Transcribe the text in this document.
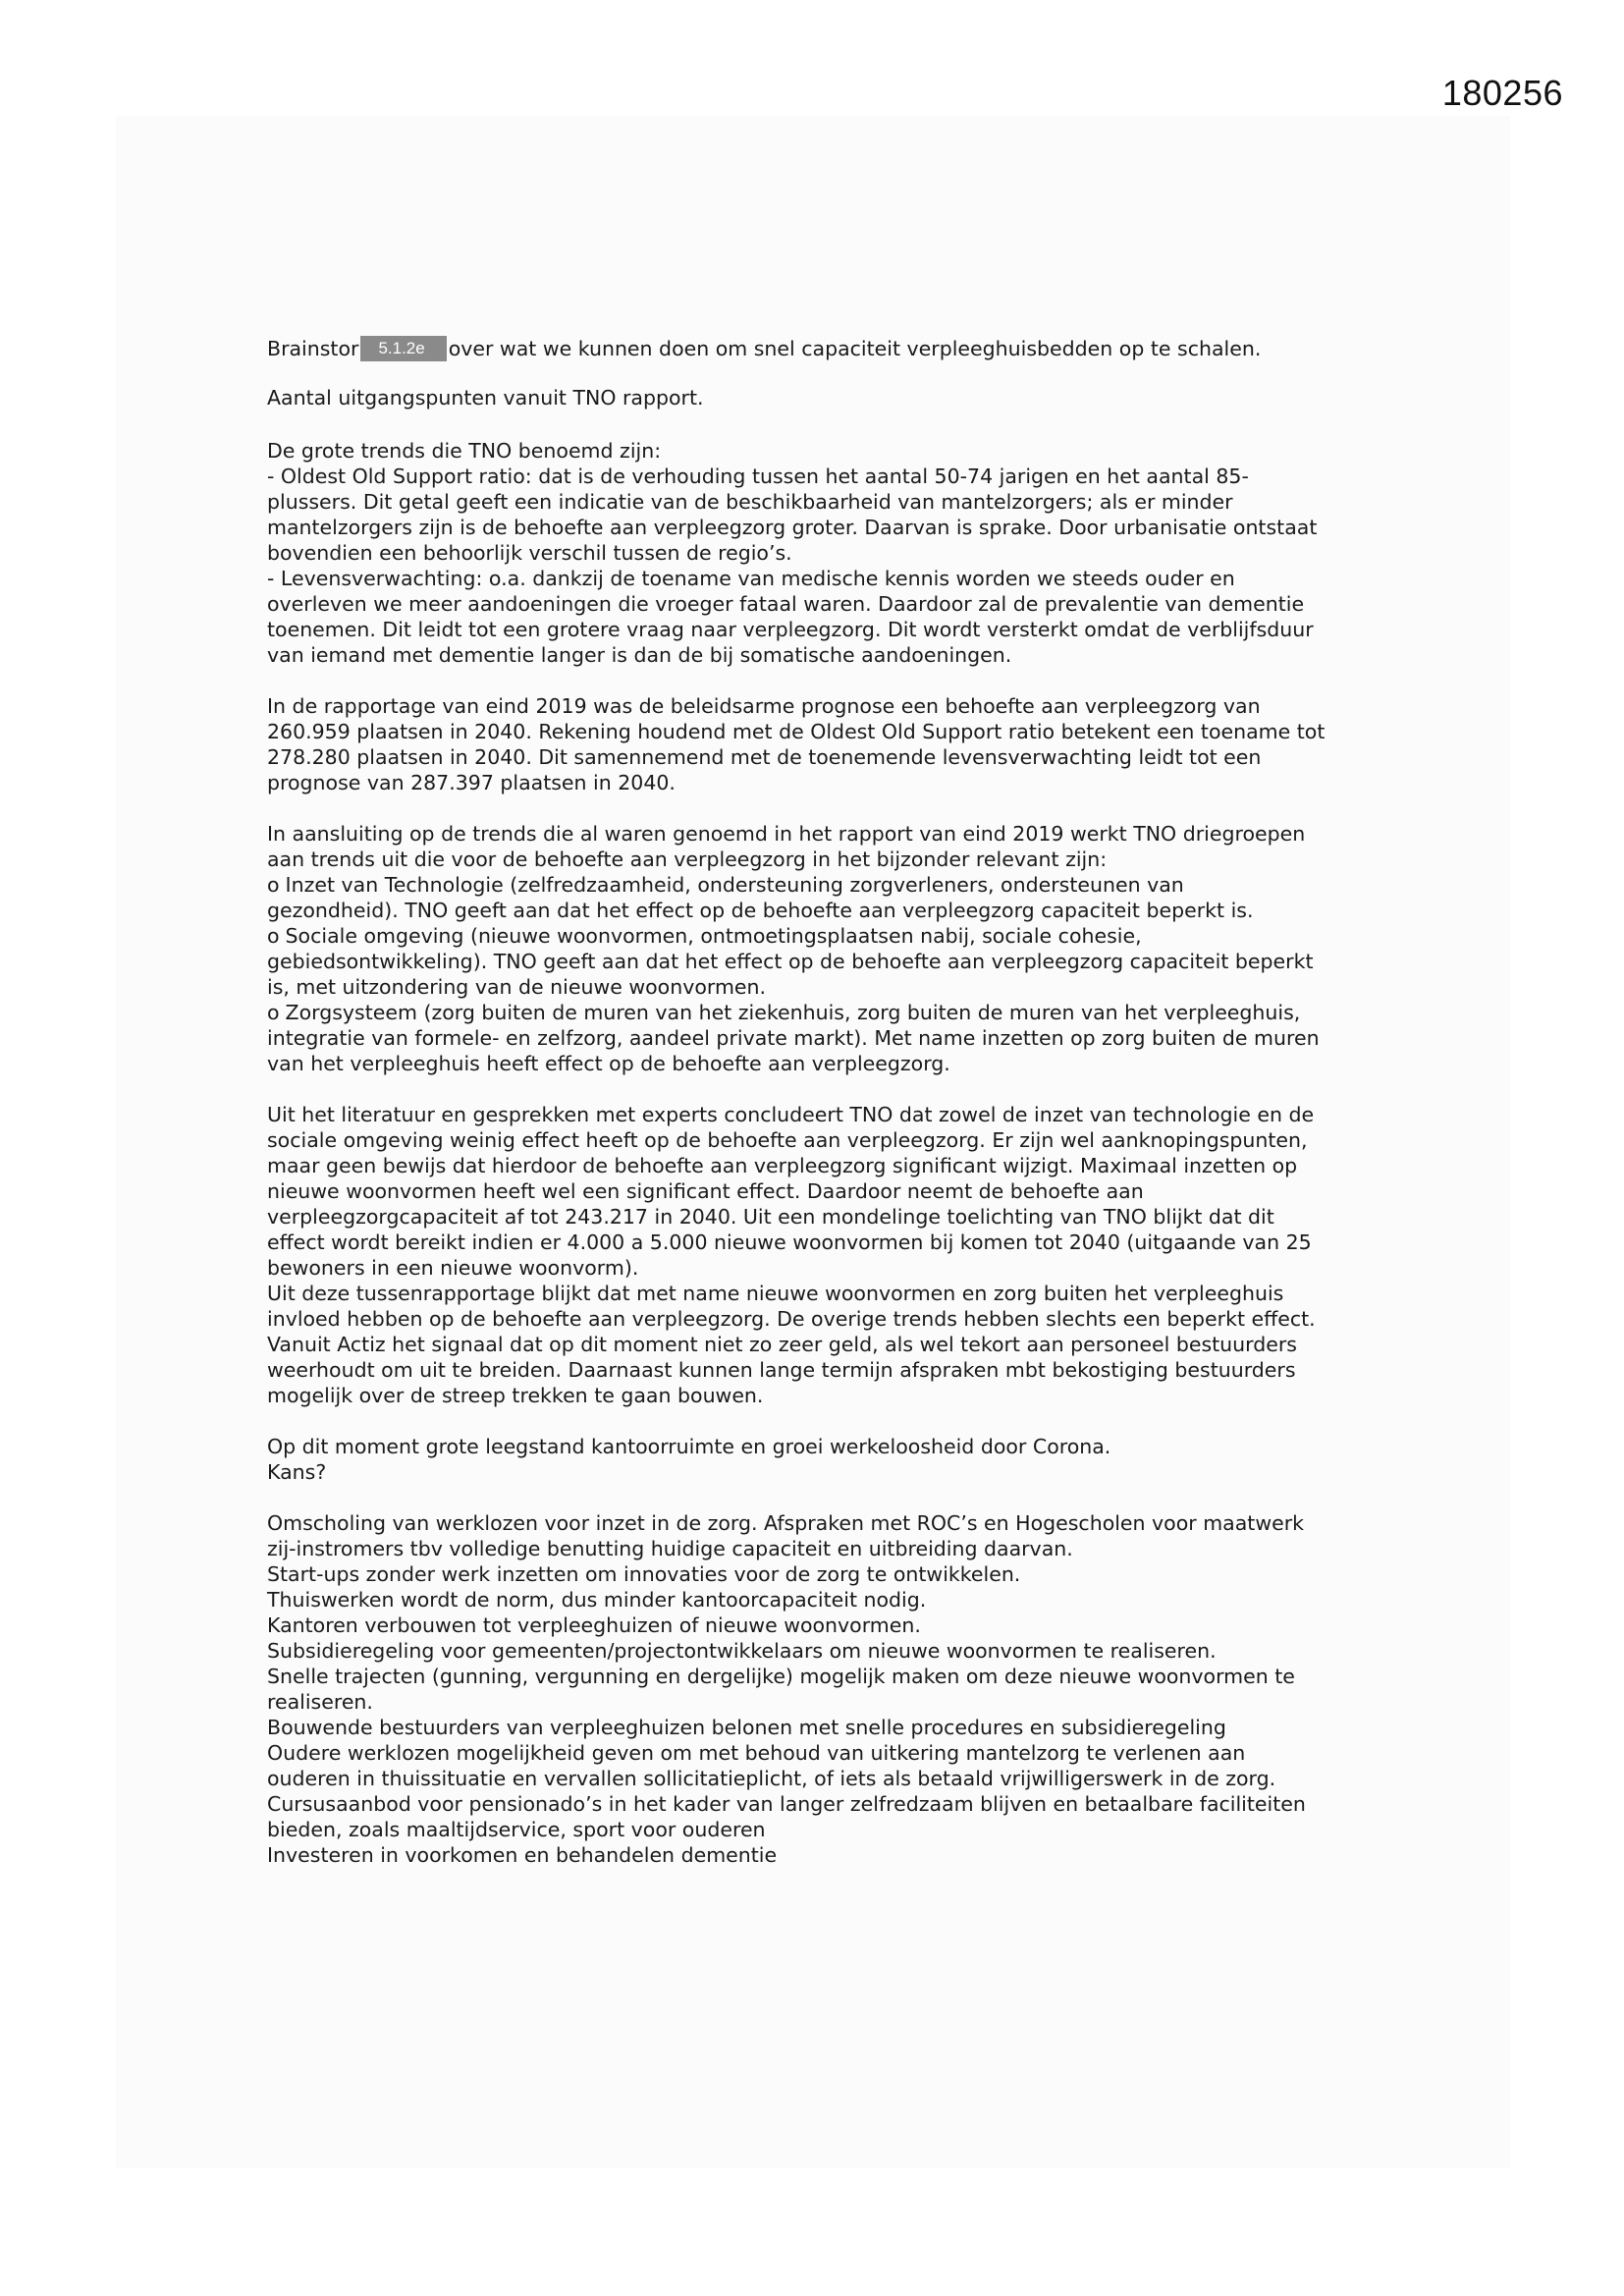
180256

Brainstor 5.1.2e over wat we kunnen doen om snel capaciteit verpleeghuisbedden op te schalen.

Aantal uitgangspunten vanuit TNO rapport.

De grote trends die TNO benoemd zijn:

- Oldest Old Support ratio: dat is de verhouding tussen het aantal 50-74 jarigen en het aantal 85-

plussers. Dit getal geeft een indicatie van de beschikbaarheid van mantelzorgers; als er minder

mantelzorgers zijn is de behoefte aan verpleegzorg groter. Daarvan is sprake. Door urbanisatie ontstaat

bovendien een behoorlijk verschil tussen de regio’s.

- Levensverwachting: o.a. dankzij de toename van medische kennis worden we steeds ouder en

overleven we meer aandoeningen die vroeger fataal waren. Daardoor zal de prevalentie van dementie

toenemen. Dit leidt tot een grotere vraag naar verpleegzorg. Dit wordt versterkt omdat de verblijfsduur

van iemand met dementie langer is dan de bij somatische aandoeningen.

In de rapportage van eind 2019 was de beleidsarme prognose een behoefte aan verpleegzorg van

260.959 plaatsen in 2040. Rekening houdend met de Oldest Old Support ratio betekent een toename tot

278.280 plaatsen in 2040. Dit samennemend met de toenemende levensverwachting leidt tot een

prognose van 287.397 plaatsen in 2040.

In aansluiting op de trends die al waren genoemd in het rapport van eind 2019 werkt TNO driegroepen

aan trends uit die voor de behoefte aan verpleegzorg in het bijzonder relevant zijn:

o Inzet van Technologie (zelfredzaamheid, ondersteuning zorgverleners, ondersteunen van

gezondheid). TNO geeft aan dat het effect op de behoefte aan verpleegzorg capaciteit beperkt is.

o Sociale omgeving (nieuwe woonvormen, ontmoetingsplaatsen nabij, sociale cohesie,

gebiedsontwikkeling). TNO geeft aan dat het effect op de behoefte aan verpleegzorg capaciteit beperkt

is, met uitzondering van de nieuwe woonvormen.

o Zorgsysteem (zorg buiten de muren van het ziekenhuis, zorg buiten de muren van het verpleeghuis,

integratie van formele- en zelfzorg, aandeel private markt). Met name inzetten op zorg buiten de muren

van het verpleeghuis heeft effect op de behoefte aan verpleegzorg.

Uit het literatuur en gesprekken met experts concludeert TNO dat zowel de inzet van technologie en de

sociale omgeving weinig effect heeft op de behoefte aan verpleegzorg. Er zijn wel aanknopingspunten,

maar geen bewijs dat hierdoor de behoefte aan verpleegzorg significant wijzigt. Maximaal inzetten op

nieuwe woonvormen heeft wel een significant effect. Daardoor neemt de behoefte aan

verpleegzorgcapaciteit af tot 243.217 in 2040. Uit een mondelinge toelichting van TNO blijkt dat dit

effect wordt bereikt indien er 4.000 a 5.000 nieuwe woonvormen bij komen tot 2040 (uitgaande van 25

bewoners in een nieuwe woonvorm).

Uit deze tussenrapportage blijkt dat met name nieuwe woonvormen en zorg buiten het verpleeghuis

invloed hebben op de behoefte aan verpleegzorg. De overige trends hebben slechts een beperkt effect.

Vanuit Actiz het signaal dat op dit moment niet zo zeer geld, als wel tekort aan personeel bestuurders

weerhoudt om uit te breiden. Daarnaast kunnen lange termijn afspraken mbt bekostiging bestuurders

mogelijk over de streep trekken te gaan bouwen.

Op dit moment grote leegstand kantoorruimte en groei werkeloosheid door Corona.

Kans?

Omscholing van werklozen voor inzet in de zorg. Afspraken met ROC’s en Hogescholen voor maatwerk

zij-instromers tbv volledige benutting huidige capaciteit en uitbreiding daarvan.

Start-ups zonder werk inzetten om innovaties voor de zorg te ontwikkelen.

Thuiswerken wordt de norm, dus minder kantoorcapaciteit nodig.

Kantoren verbouwen tot verpleeghuizen of nieuwe woonvormen.

Subsidieregeling voor gemeenten/projectontwikkelaars om nieuwe woonvormen te realiseren.

Snelle trajecten (gunning, vergunning en dergelijke) mogelijk maken om deze nieuwe woonvormen te

realiseren.

Bouwende bestuurders van verpleeghuizen belonen met snelle procedures en subsidieregeling

Oudere werklozen mogelijkheid geven om met behoud van uitkering mantelzorg te verlenen aan

ouderen in thuissituatie en vervallen sollicitatieplicht, of iets als betaald vrijwilligerswerk in de zorg.

Cursusaanbod voor pensionado’s in het kader van langer zelfredzaam blijven en betaalbare faciliteiten

bieden, zoals maaltijdservice, sport voor ouderen

Investeren in voorkomen en behandelen dementie
